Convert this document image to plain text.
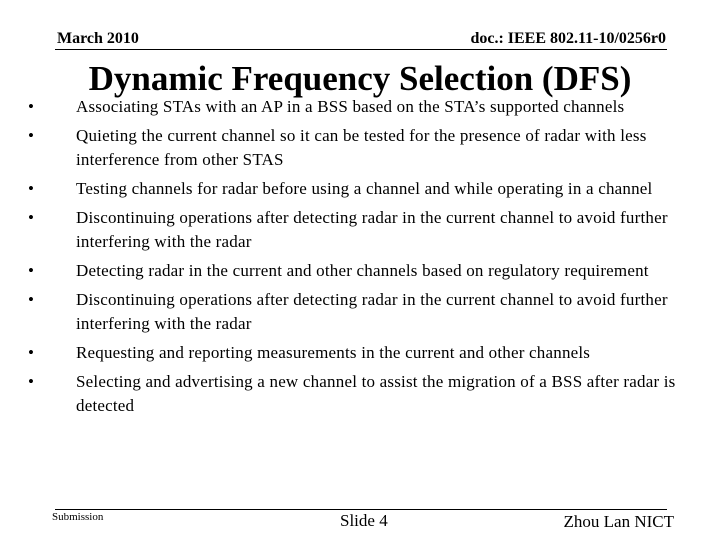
March 2010	doc.: IEEE 802.11-10/0256r0
Dynamic Frequency Selection (DFS)
•	Associating STAs with an AP in a BSS based on the STA’s supported channels
•	Quieting the current channel so it can be tested for the presence of radar with less interference from other STAS
•	Testing channels for radar before using a channel and while operating in a channel
•	Discontinuing operations after detecting radar in the current channel to avoid further interfering with the radar
•	Detecting radar in the current and other channels based on regulatory requirement
•	Discontinuing operations after detecting radar in the current channel to avoid further interfering with the radar
•	Requesting and reporting measurements in the current and other channels
•	Selecting and advertising a new channel to assist the migration of a BSS after radar is detected
Submission	Slide 4	Zhou Lan NICT
